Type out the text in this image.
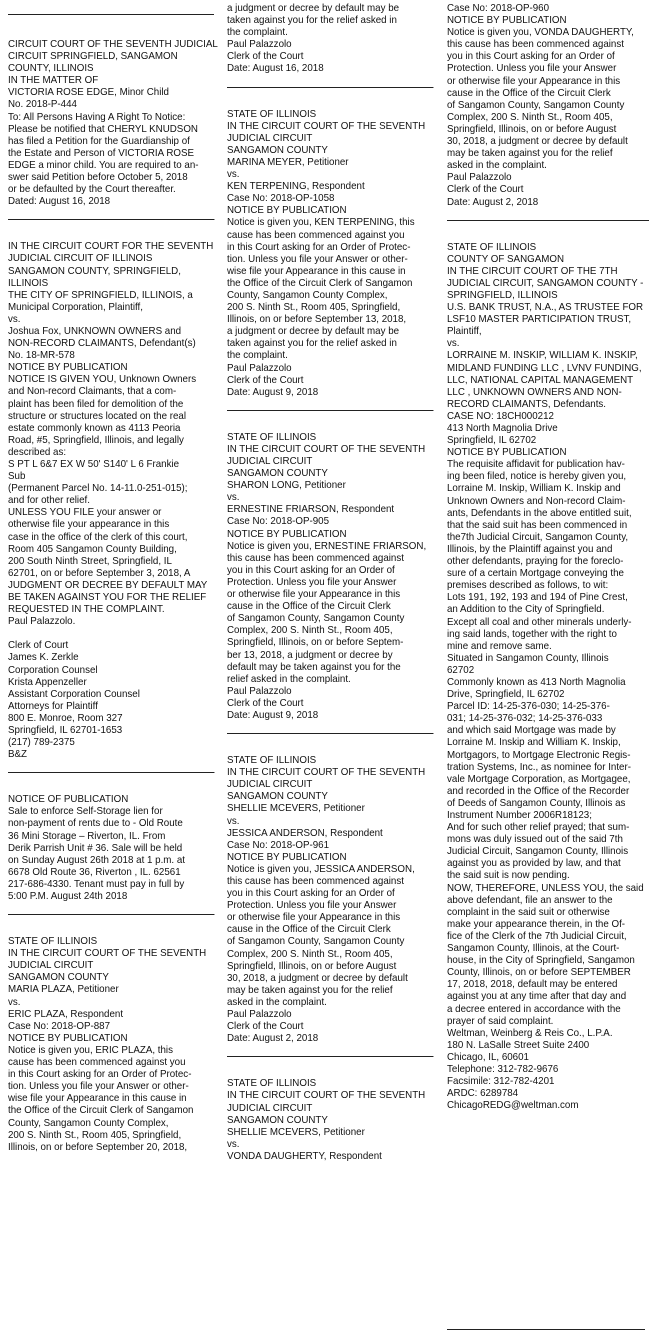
CIRCUIT COURT OF THE SEVENTH JUDICIAL
CIRCUIT SPRINGFIELD, SANGAMON
COUNTY, ILLINOIS
IN THE MATTER OF
VICTORIA ROSE EDGE, Minor Child
No. 2018-P-444
To: All Persons Having A Right To Notice:
Please be notified that CHERYL KNUDSON
has filed a Petition for the Guardianship of
the Estate and Person of VICTORIA ROSE
EDGE a minor child. You are required to an-
swer said Petition before October 5, 2018
or be defaulted by the Court thereafter.
Dated: August 16, 2018
IN THE CIRCUIT COURT FOR THE SEVENTH
JUDICIAL CIRCUIT OF ILLINOIS
SANGAMON COUNTY, SPRINGFIELD,
ILLINOIS
THE CITY OF SPRINGFIELD, ILLINOIS, a
Municipal Corporation, Plaintiff,
vs.
Joshua Fox, UNKNOWN OWNERS and
NON-RECORD CLAIMANTS, Defendant(s)
No. 18-MR-578
NOTICE BY PUBLICATION
NOTICE IS GIVEN YOU, Unknown Owners
and Non-record Claimants, that a com-
plaint has been filed for demolition of the
structure or structures located on the real
estate commonly known as 4113 Peoria
Road, #5, Springfield, Illinois, and legally
described as:
S PT L 6&7 EX W 50' S140' L 6 Frankie
Sub
(Permanent Parcel No. 14-11.0-251-015);
and for other relief.
UNLESS YOU FILE your answer or
otherwise file your appearance in this
case in the office of the clerk of this court,
Room 405 Sangamon County Building,
200 South Ninth Street, Springfield, IL
62701, on or before September 3, 2018, A
JUDGMENT OR DECREE BY DEFAULT MAY
BE TAKEN AGAINST YOU FOR THE RELIEF
REQUESTED IN THE COMPLAINT.
Paul Palazzolo.
Clerk of Court
James K. Zerkle
Corporation Counsel
Krista Appenzeller
Assistant Corporation Counsel
Attorneys for Plaintiff
800 E. Monroe, Room 327
Springfield, IL 62701-1653
(217) 789-2375
B&Z
NOTICE OF PUBLICATION
Sale to enforce Self-Storage lien for
non-payment of rents due to - Old Route
36 Mini Storage – Riverton, IL. From
Derik Parrish Unit # 36. Sale will be held
on Sunday August 26th 2018 at 1 p.m. at
6678 Old Route 36, Riverton , IL. 62561
217-686-4330. Tenant must pay in full by
5:00 P.M. August 24th 2018
STATE OF ILLINOIS
IN THE CIRCUIT COURT OF THE SEVENTH
JUDICIAL CIRCUIT
SANGAMON COUNTY
MARIA PLAZA, Petitioner
vs.
ERIC PLAZA, Respondent
Case No: 2018-OP-887
NOTICE BY PUBLICATION
Notice is given you, ERIC PLAZA, this
cause has been commenced against you
in this Court asking for an Order of Protec-
tion. Unless you file your Answer or other-
wise file your Appearance in this cause in
the Office of the Circuit Clerk of Sangamon
County, Sangamon County Complex,
200 S. Ninth St., Room 405, Springfield,
Illinois, on or before September 20, 2018,
a judgment or decree by default may be
taken against you for the relief asked in
the complaint.
Paul Palazzolo
Clerk of the Court
Date: August 16, 2018
STATE OF ILLINOIS
IN THE CIRCUIT COURT OF THE SEVENTH
JUDICIAL CIRCUIT
SANGAMON COUNTY
MARINA MEYER, Petitioner
vs.
KEN TERPENING, Respondent
Case No: 2018-OP-1058
NOTICE BY PUBLICATION
Notice is given you, KEN TERPENING, this
cause has been commenced against you
in this Court asking for an Order of Protec-
tion. Unless you file your Answer or other-
wise file your Appearance in this cause in
the Office of the Circuit Clerk of Sangamon
County, Sangamon County Complex,
200 S. Ninth St., Room 405, Springfield,
Illinois, on or before September 13, 2018,
a judgment or decree by default may be
taken against you for the relief asked in
the complaint.
Paul Palazzolo
Clerk of the Court
Date: August 9, 2018
STATE OF ILLINOIS
IN THE CIRCUIT COURT OF THE SEVENTH
JUDICIAL CIRCUIT
SANGAMON COUNTY
SHARON LONG, Petitioner
vs.
ERNESTINE FRIARSON, Respondent
Case No: 2018-OP-905
NOTICE BY PUBLICATION
Notice is given you, ERNESTINE FRIARSON,
this cause has been commenced against
you in this Court asking for an Order of
Protection. Unless you file your Answer
or otherwise file your Appearance in this
cause in the Office of the Circuit Clerk
of Sangamon County, Sangamon County
Complex, 200 S. Ninth St., Room 405,
Springfield, Illinois, on or before Septem-
ber 13, 2018, a judgment or decree by
default may be taken against you for the
relief asked in the complaint.
Paul Palazzolo
Clerk of the Court
Date: August 9, 2018
STATE OF ILLINOIS
IN THE CIRCUIT COURT OF THE SEVENTH
JUDICIAL CIRCUIT
SANGAMON COUNTY
SHELLIE MCEVERS, Petitioner
vs.
JESSICA ANDERSON, Respondent
Case No: 2018-OP-961
NOTICE BY PUBLICATION
Notice is given you, JESSICA ANDERSON,
this cause has been commenced against
you in this Court asking for an Order of
Protection. Unless you file your Answer
or otherwise file your Appearance in this
cause in the Office of the Circuit Clerk
of Sangamon County, Sangamon County
Complex, 200 S. Ninth St., Room 405,
Springfield, Illinois, on or before August
30, 2018, a judgment or decree by default
may be taken against you for the relief
asked in the complaint.
Paul Palazzolo
Clerk of the Court
Date: August 2, 2018
STATE OF ILLINOIS
IN THE CIRCUIT COURT OF THE SEVENTH
JUDICIAL CIRCUIT
SANGAMON COUNTY
SHELLIE MCEVERS, Petitioner
vs.
VONDA DAUGHERTY, Respondent
Case No: 2018-OP-960
NOTICE BY PUBLICATION
Notice is given you, VONDA DAUGHERTY,
this cause has been commenced against
you in this Court asking for an Order of
Protection. Unless you file your Answer
or otherwise file your Appearance in this
cause in the Office of the Circuit Clerk
of Sangamon County, Sangamon County
Complex, 200 S. Ninth St., Room 405,
Springfield, Illinois, on or before August
30, 2018, a judgment or decree by default
may be taken against you for the relief
asked in the complaint.
Paul Palazzolo
Clerk of the Court
Date: August 2, 2018
STATE OF ILLINOIS
COUNTY OF SANGAMON
IN THE CIRCUIT COURT OF THE 7TH
JUDICIAL CIRCUIT, SANGAMON COUNTY -
SPRINGFIELD, ILLINOIS
U.S. BANK TRUST, N.A., AS TRUSTEE FOR
LSF10 MASTER PARTICIPATION TRUST,
Plaintiff,
vs.
LORRAINE M. INSKIP, WILLIAM K. INSKIP,
MIDLAND FUNDING LLC , LVNV FUNDING,
LLC, NATIONAL CAPITAL MANAGEMENT
LLC , UNKNOWN OWNERS AND NON-
RECORD CLAIMANTS, Defendants.
CASE NO: 18CH000212
413 North Magnolia Drive
Springfield, IL 62702
NOTICE BY PUBLICATION
The requisite affidavit for publication hav-
ing been filed, notice is hereby given you,
Lorraine M. Inskip, William K. Inskip and
Unknown Owners and Non-record Claim-
ants, Defendants in the above entitled suit,
that the said suit has been commenced in
the7th Judicial Circuit, Sangamon County,
Illinois, by the Plaintiff against you and
other defendants, praying for the foreclo-
sure of a certain Mortgage conveying the
premises described as follows, to wit:
Lots 191, 192, 193 and 194 of Pine Crest,
an Addition to the City of Springfield.
Except all coal and other minerals underly-
ing said lands, together with the right to
mine and remove same.
Situated in Sangamon County, Illinois
62702
Commonly known as 413 North Magnolia
Drive, Springfield, IL 62702
Parcel ID: 14-25-376-030; 14-25-376-
031; 14-25-376-032; 14-25-376-033
and which said Mortgage was made by
Lorraine M. Inskip and William K. Inskip,
Mortgagors, to Mortgage Electronic Regis-
tration Systems, Inc., as nominee for Inter-
vale Mortgage Corporation, as Mortgagee,
and recorded in the Office of the Recorder
of Deeds of Sangamon County, Illinois as
Instrument Number 2006R18123;
And for such other relief prayed; that sum-
mons was duly issued out of the said 7th
Judicial Circuit, Sangamon County, Illinois
against you as provided by law, and that
the said suit is now pending.
NOW, THEREFORE, UNLESS YOU, the said
above defendant, file an answer to the
complaint in the said suit or otherwise
make your appearance therein, in the Of-
fice of the Clerk of the 7th Judicial Circuit,
Sangamon County, Illinois, at the Court-
house, in the City of Springfield, Sangamon
County, Illinois, on or before SEPTEMBER
17, 2018, 2018, default may be entered
against you at any time after that day and
a decree entered in accordance with the
prayer of said complaint.
Weltman, Weinberg & Reis Co., L.P.A.
180 N. LaSalle Street Suite 2400
Chicago, IL, 60601
Telephone: 312-782-9676
Facsimile: 312-782-4201
ARDC: 6289784
ChicagoREDG@weltman.com
